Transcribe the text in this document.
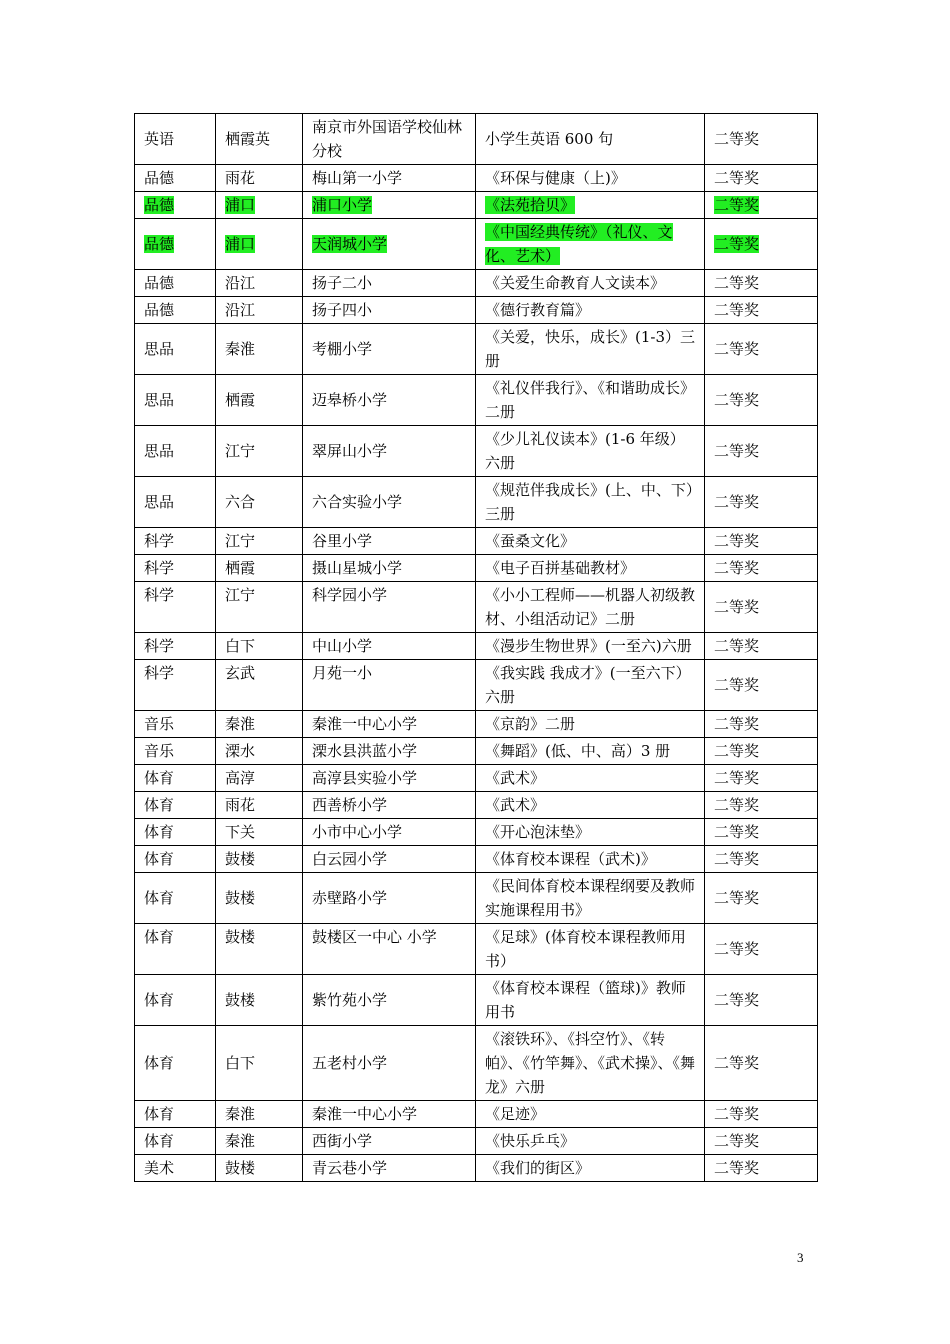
英语	栖霞英	南京市外国语学校仙林分校	小学生英语 600 句	二等奖
品德	雨花	梅山第一小学	《环保与健康（上)》	二等奖
品德	浦口	浦口小学	《法苑拾贝》	二等奖
品德	浦口	天润城小学	《中国经典传统》（礼仪、文化、艺术）	二等奖
品德	沿江	扬子二小	《关爱生命教育人文读本》	二等奖
品德	沿江	扬子四小	《德行教育篇》	二等奖
思品	秦淮	考棚小学	《关爱，快乐，成长》(1-3）三册	二等奖
思品	栖霞	迈皋桥小学	《礼仪伴我行》、《和谐助成长》二册	二等奖
思品	江宁	翠屏山小学	《少儿礼仪读本》(1-6 年级）六册	二等奖
思品	六合	六合实验小学	《规范伴我成长》(上、中、下）三册	二等奖
科学	江宁	谷里小学	《蚕桑文化》	二等奖
科学	栖霞	摄山星城小学	《电子百拼基础教材》	二等奖
科学	江宁	科学园小学	《小小工程师——机器人初级教材、小组活动记》二册	二等奖
科学	白下	中山小学	《漫步生物世界》(一至六)六册	二等奖
科学	玄武	月苑一小	《我实践 我成才》(一至六下）六册	二等奖
音乐	秦淮	秦淮一中心小学	《京韵》二册	二等奖
音乐	溧水	溧水县洪蓝小学	《舞蹈》(低、中、高）3 册	二等奖
体育	高淳	高淳县实验小学	《武术》	二等奖
体育	雨花	西善桥小学	《武术》	二等奖
体育	下关	小市中心小学	《开心泡沫垫》	二等奖
体育	鼓楼	白云园小学	《体育校本课程（武术)》	二等奖
体育	鼓楼	赤壁路小学	《民间体育校本课程纲要及教师实施课程用书》	二等奖
体育	鼓楼	鼓楼区一中心 小学	《足球》(体育校本课程教师用书）	二等奖
体育	鼓楼	紫竹苑小学	《体育校本课程（篮球)》教师用书	二等奖
体育	白下	五老村小学	《滚铁环》、《抖空竹》、《转帕》、《竹竿舞》、《武术操》、《舞龙》六册	二等奖
体育	秦淮	秦淮一中心小学	《足迹》	二等奖
体育	秦淮	西街小学	《快乐乒乓》	二等奖
美术	鼓楼	青云巷小学	《我们的街区》	二等奖
3
